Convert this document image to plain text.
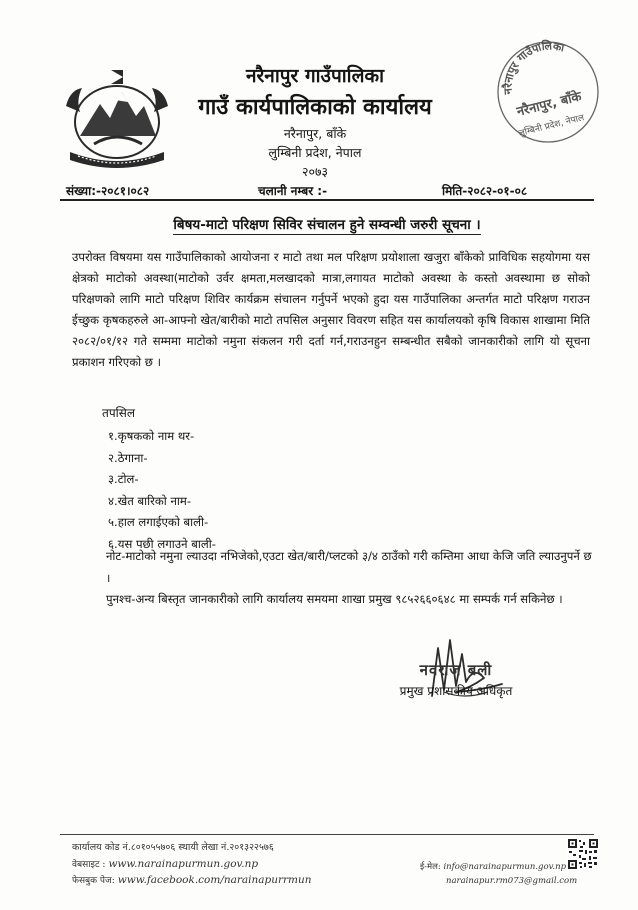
नरैनापुर गाउँपालिका
गाउँ कार्यपालिकाको कार्यालय
नरैनापुर, बाँके
लुम्बिनी प्रदेश, नेपाल
२०७३
नरैनापुर गाउँपालिका
नरैनापुर, बाँके
लुम्बिनी प्रदेश, नेपाल
संख्या:-२०८१।०८२	चलानी नम्बर :-	मिति-२०८२-०१-०८
बिषय-माटो परिक्षण सिविर संचालन हुने सम्वन्धी जरुरी सूचना ।

उपरोक्त विषयमा यस गाउँपालिकाको आयोजना र माटो तथा मल परिक्षण प्रयोशाला खजुरा बाँकेको प्राविधिक सहयोगमा यस क्षेत्रको माटोको अवस्था(माटोको उर्वर क्षमता,मलखादको मात्रा,लगायत माटोको अवस्था के कस्तो अवस्थामा छ सोको परिक्षणको लागि माटो परिक्षण शिविर कार्यक्रम संचालन गर्नुपर्ने भएको हुदा यस गाउँपालिका अन्तर्गत माटो परिक्षण गराउन ईच्छुक कृषकहरुले आ-आफ्नो खेत/बारीको माटो तपसिल अनुसार विवरण सहित यस कार्यालयको कृषि विकास शाखामा मिति २०८२/०१/१२ गते सम्ममा माटोको नमुना संकलन गरी दर्ता गर्न,गराउनहुन सम्बन्धीत सबैको जानकारीको लागि यो सूचना प्रकाशन गरिएको छ ।

तपसिल
१.कृषकको नाम थर-
२.ठेगाना-
३.टोल-
४.खेत बारिको नाम-
५.हाल लगाईएको बाली-
६.यस पछी लगाउने बाली-

नोट-माटोको नमुना ल्याउदा नभिजेको,एउटा खेत/बारी/प्लटको ३/४ ठाउँको गरी कम्तिमा आधा केजि जति ल्याउनुपर्ने छ ।
पुनश्च-अन्य बिस्तृत जानकारीको लागि कार्यालय समयमा शाखा प्रमुख ९८५२६६०६४८ मा सम्पर्क गर्न सकिनेछ ।

नवराज बली
प्रमुख प्रशासकीय अधिकृत
कार्यालय कोड नं.८०१०५५७०६ स्थायी लेखा नं.२०१३२२५७६
वेबसाइट : www.narainapurmun.gov.np
फेसबुक पेज: www.facebook.com/narainapurrmun
ई-मेल: info@narainapurmun.gov.np
narainapur.rm073@gmail.com
